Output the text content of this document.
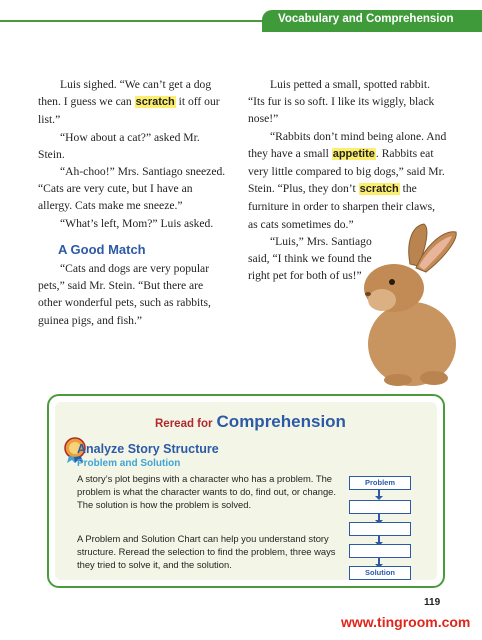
Vocabulary and Comprehension

Luis sighed. “We can’t get a dog then. I guess we can scratch it off our list.”

“How about a cat?” asked Mr. Stein.

“Ah-choo!” Mrs. Santiago sneezed. “Cats are very cute, but I have an allergy. Cats make me sneeze.”

“What’s left, Mom?” Luis asked.

A Good Match

“Cats and dogs are very popular pets,” said Mr. Stein. “But there are other wonderful pets, such as rabbits, guinea pigs, and fish.”

Luis petted a small, spotted rabbit. “Its fur is so soft. I like its wiggly, black nose!”

“Rabbits don’t mind being alone. And they have a small appetite. Rabbits eat very little compared to big dogs,” said Mr. Stein. “Plus, they don’t scratch the furniture in order to sharpen their claws,

as cats sometimes do.”

“Luis,” Mrs. Santiago said, “I think we found the right pet for both of us!”

Reread for Comprehension
Analyze Story Structure
Problem and Solution
A story’s plot begins with a character who has a problem. The problem is what the character wants to do, find out, or change. The solution is how the problem is solved.
A Problem and Solution Chart can help you understand story structure. Reread the selection to find the problem, three ways they tried to solve it, and the solution.
Problem
Solution
119
www.tingroom.com
